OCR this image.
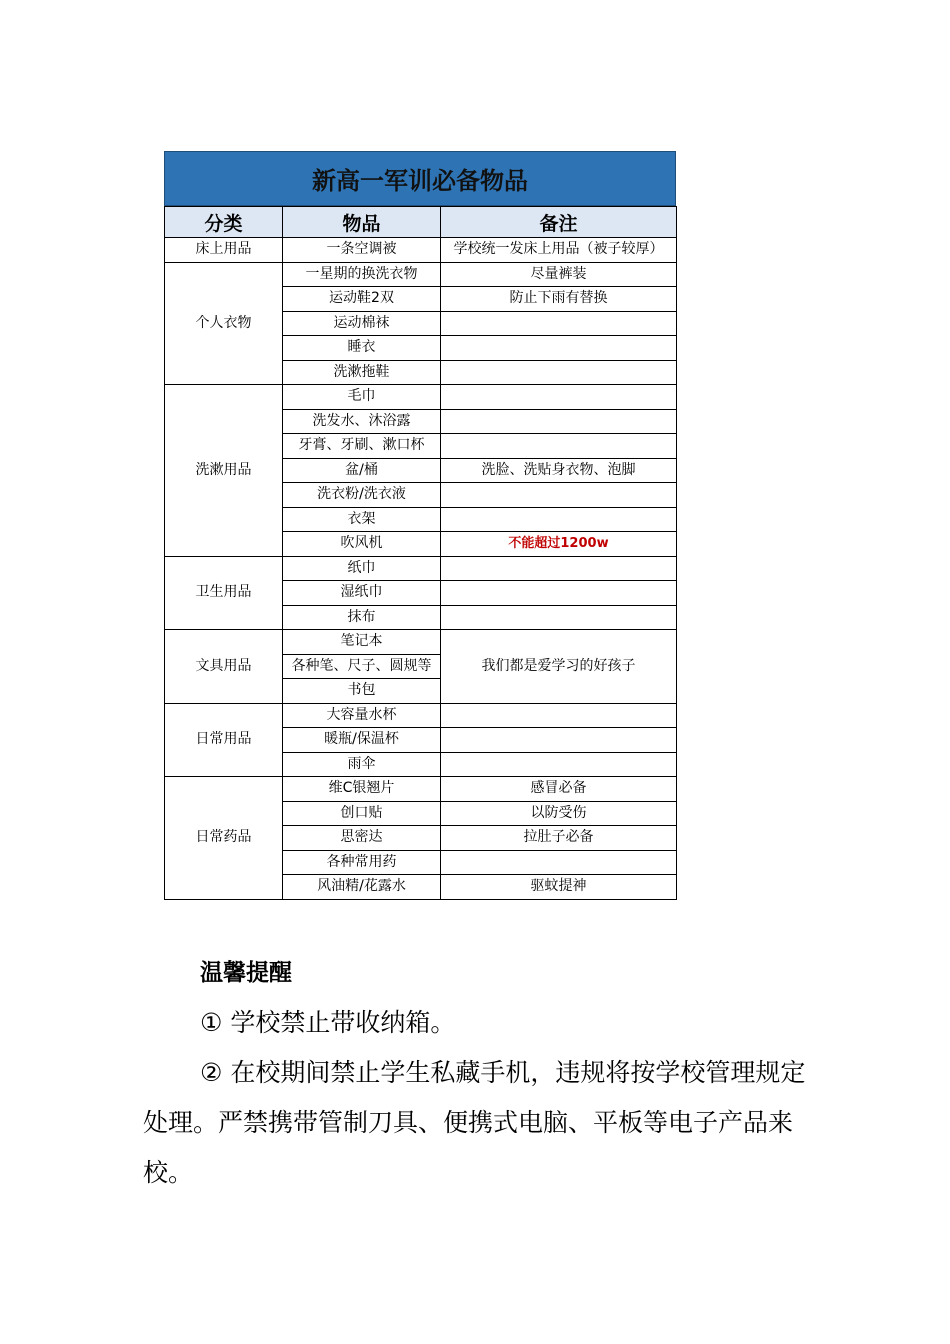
新高一军训必备物品
分类	物品	备注
床上用品	一条空调被	学校统一发床上用品（被子较厚）
个人衣物	一星期的换洗衣物	尽量裤装
	运动鞋2双	防止下雨有替换
	运动棉袜	
	睡衣	
	洗漱拖鞋	
洗漱用品	毛巾	
	洗发水、沐浴露	
	牙膏、牙刷、漱口杯	
	盆/桶	洗脸、洗贴身衣物、泡脚
	洗衣粉/洗衣液	
	衣架	
	吹风机	不能超过1200w
卫生用品	纸巾	
	湿纸巾	
	抹布	
文具用品	笔记本	我们都是爱学习的好孩子
	各种笔、尺子、圆规等	
	书包	
日常用品	大容量水杯	
	暖瓶/保温杯	
	雨伞	
日常药品	维C银翘片	感冒必备
	创口贴	以防受伤
	思密达	拉肚子必备
	各种常用药	
	风油精/花露水	驱蚊提神

温馨提醒

① 学校禁止带收纳箱。

② 在校期间禁止学生私藏手机，违规将按学校管理规定处理。严禁携带管制刀具、便携式电脑、平板等电子产品来校。
